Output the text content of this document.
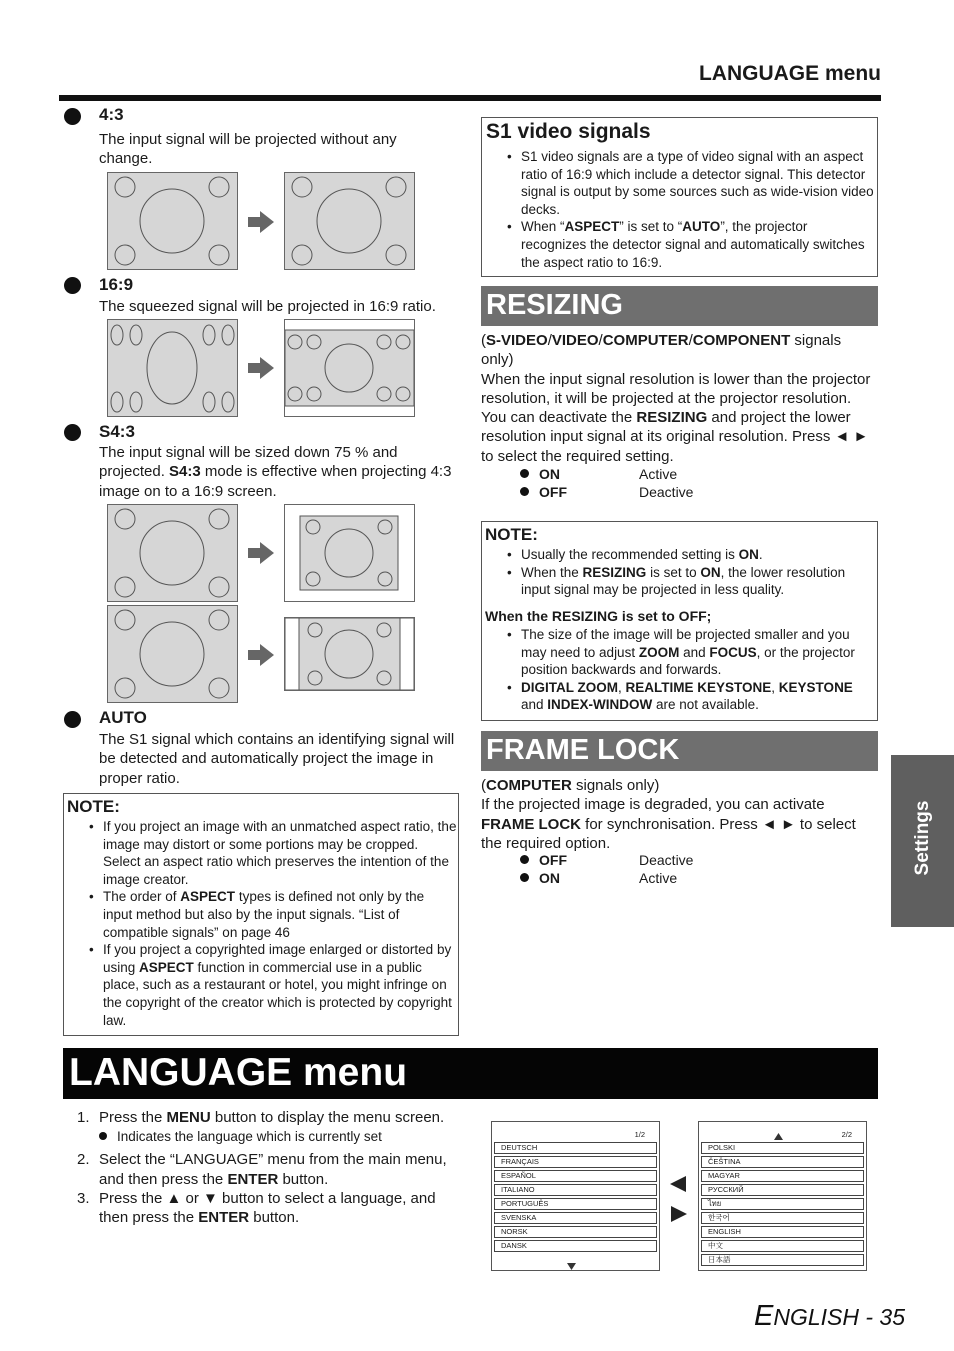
LANGUAGE menu
4:3
The input signal will be projected without any change.
16:9
The squeezed signal will be projected in 16:9 ratio.
S4:3
The input signal will be sized down 75 % and projected. S4:3 mode is effective when projecting 4:3 image on to a 16:9 screen.
AUTO
The S1 signal which contains an identifying signal will be detected and automatically project the image in proper ratio.
NOTE:
• If you project an image with an unmatched aspect ratio, the image may distort or some portions may be cropped. Select an aspect ratio which preserves the intention of the image creator.
• The order of ASPECT types is defined not only by the input method but also by the input signals. “List of compatible signals” on page 46
• If you project a copyrighted image enlarged or distorted by using ASPECT function in commercial use in a public place, such as a restaurant or hotel, you might infringe on the copyright of the creator which is protected by copyright law.
S1 video signals
• S1 video signals are a type of video signal with an aspect ratio of 16:9 which include a detector signal. This detector signal is output by some sources such as wide-vision video decks.
• When “ASPECT” is set to “AUTO”, the projector recognizes the detector signal and automatically switches the aspect ratio to 16:9.
RESIZING
(S-VIDEO/VIDEO/COMPUTER/COMPONENT signals only)
When the input signal resolution is lower than the projector resolution, it will be projected at the projector resolution. You can deactivate the RESIZING and project the lower resolution input signal at its original resolution. Press ◄ ► to select the required setting.
ON	Active
OFF	Deactive
NOTE:
• Usually the recommended setting is ON.
• When the RESIZING is set to ON, the lower resolution input signal may be projected in less quality.
When the RESIZING is set to OFF;
• The size of the image will be projected smaller and you may need to adjust ZOOM and FOCUS, or the projector position backwards and forwards.
• DIGITAL ZOOM, REALTIME KEYSTONE, KEYSTONE and INDEX-WINDOW are not available.
FRAME LOCK
(COMPUTER signals only)
If the projected image is degraded, you can activate FRAME LOCK for synchronisation. Press ◄ ► to select the required option.
OFF	Deactive
ON	Active
Settings
LANGUAGE menu
1. Press the MENU button to display the menu screen.
Indicates the language which is currently set
2. Select the “LANGUAGE” menu from the main menu, and then press the ENTER button.
3. Press the ▲ or ▼ button to select a language, and then press the ENTER button.
1/2
DEUTSCH
FRANÇAIS
ESPAÑOL
ITALIANO
PORTUGUÊS
SVENSKA
NORSK
DANSK
2/2
POLSKI
ČEŠTINA
MAGYAR
РУССКИЙ
ไทย
한국어
ENGLISH
中文
日本語
ENGLISH - 35
